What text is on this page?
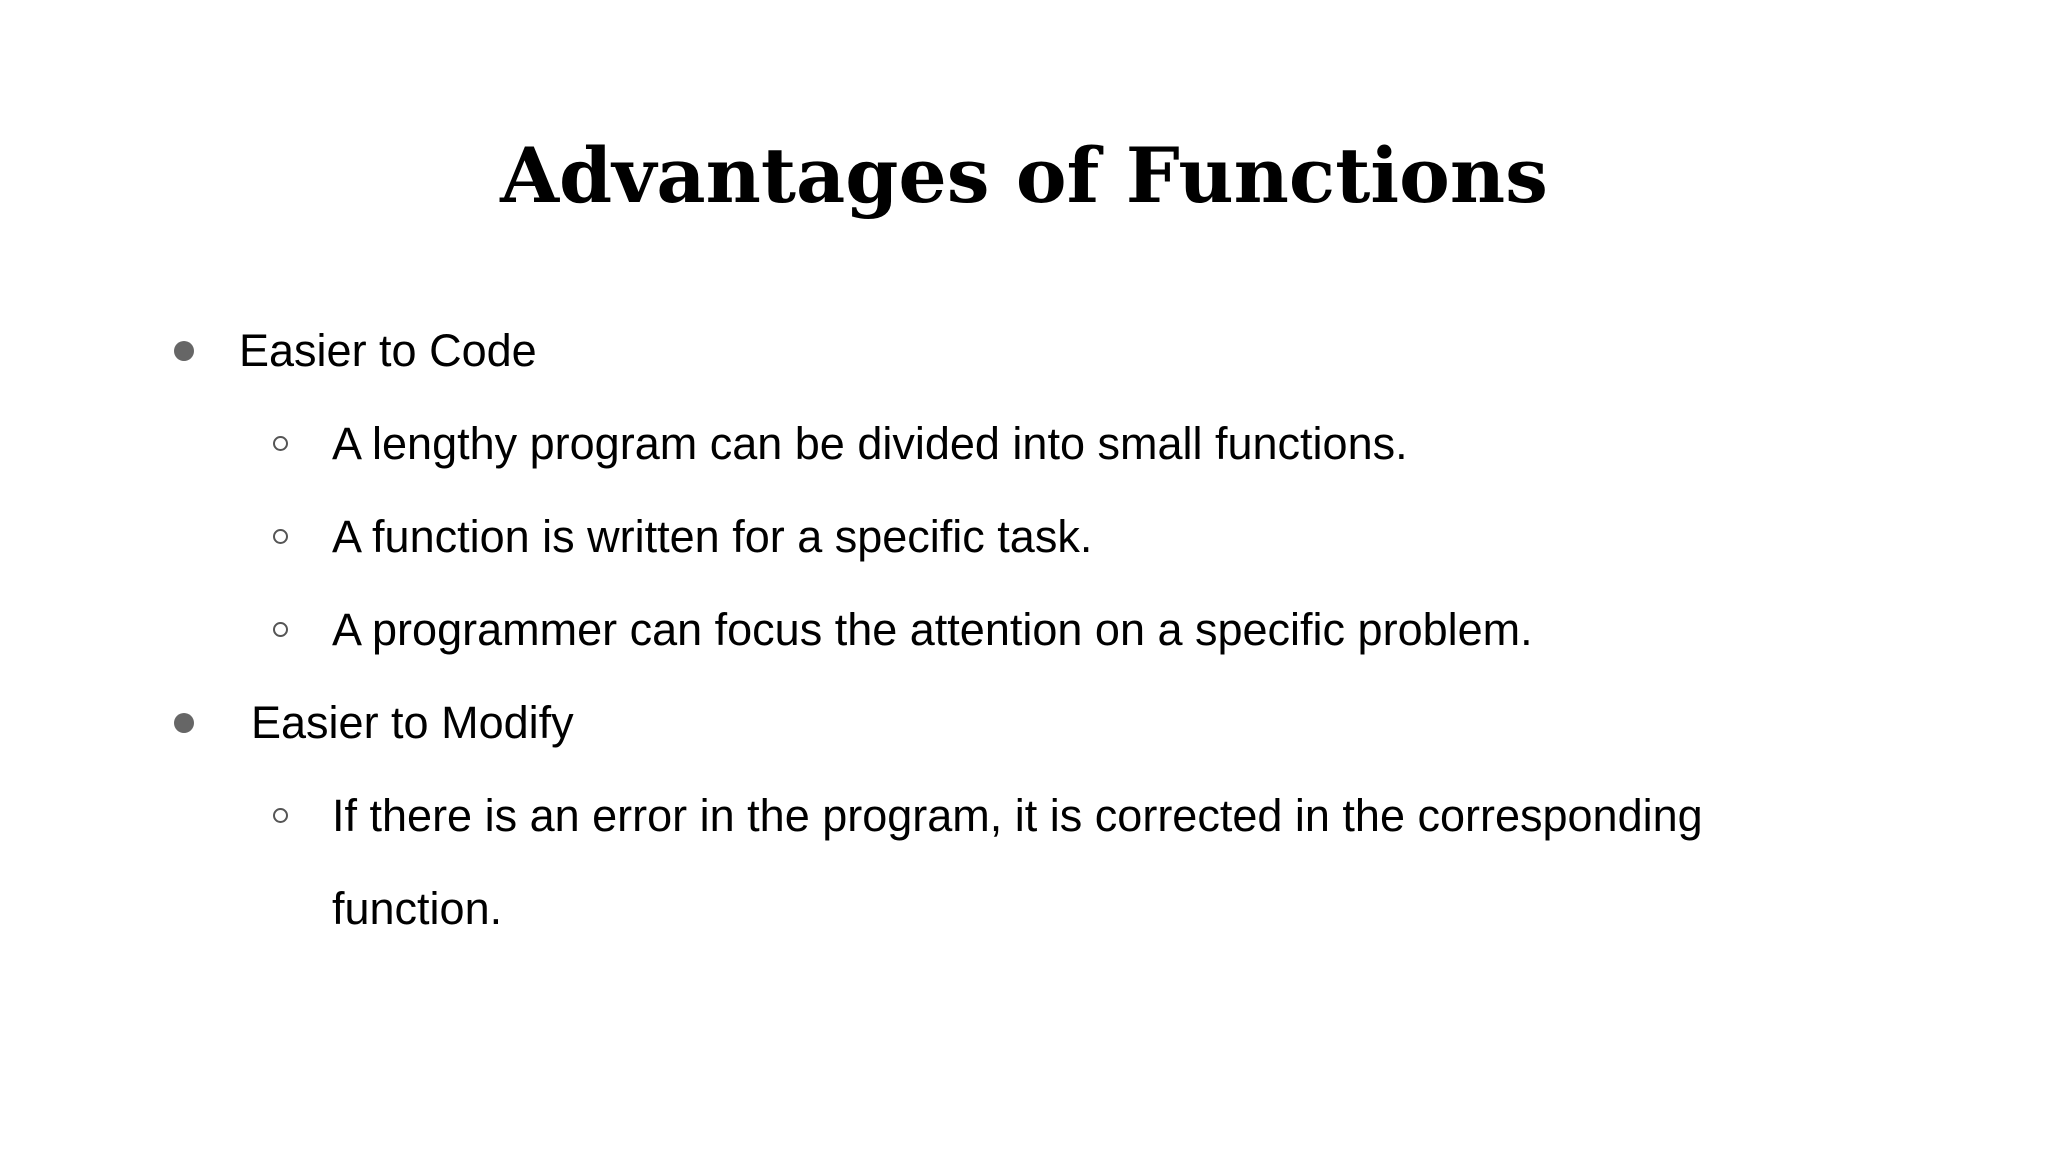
Advantages of Functions
Easier to Code
A lengthy program can be divided into small functions.
A function is written for a specific task.
A programmer can focus the attention on a specific problem.
Easier to Modify
If there is an error in the program, it is corrected in the corresponding
function.
